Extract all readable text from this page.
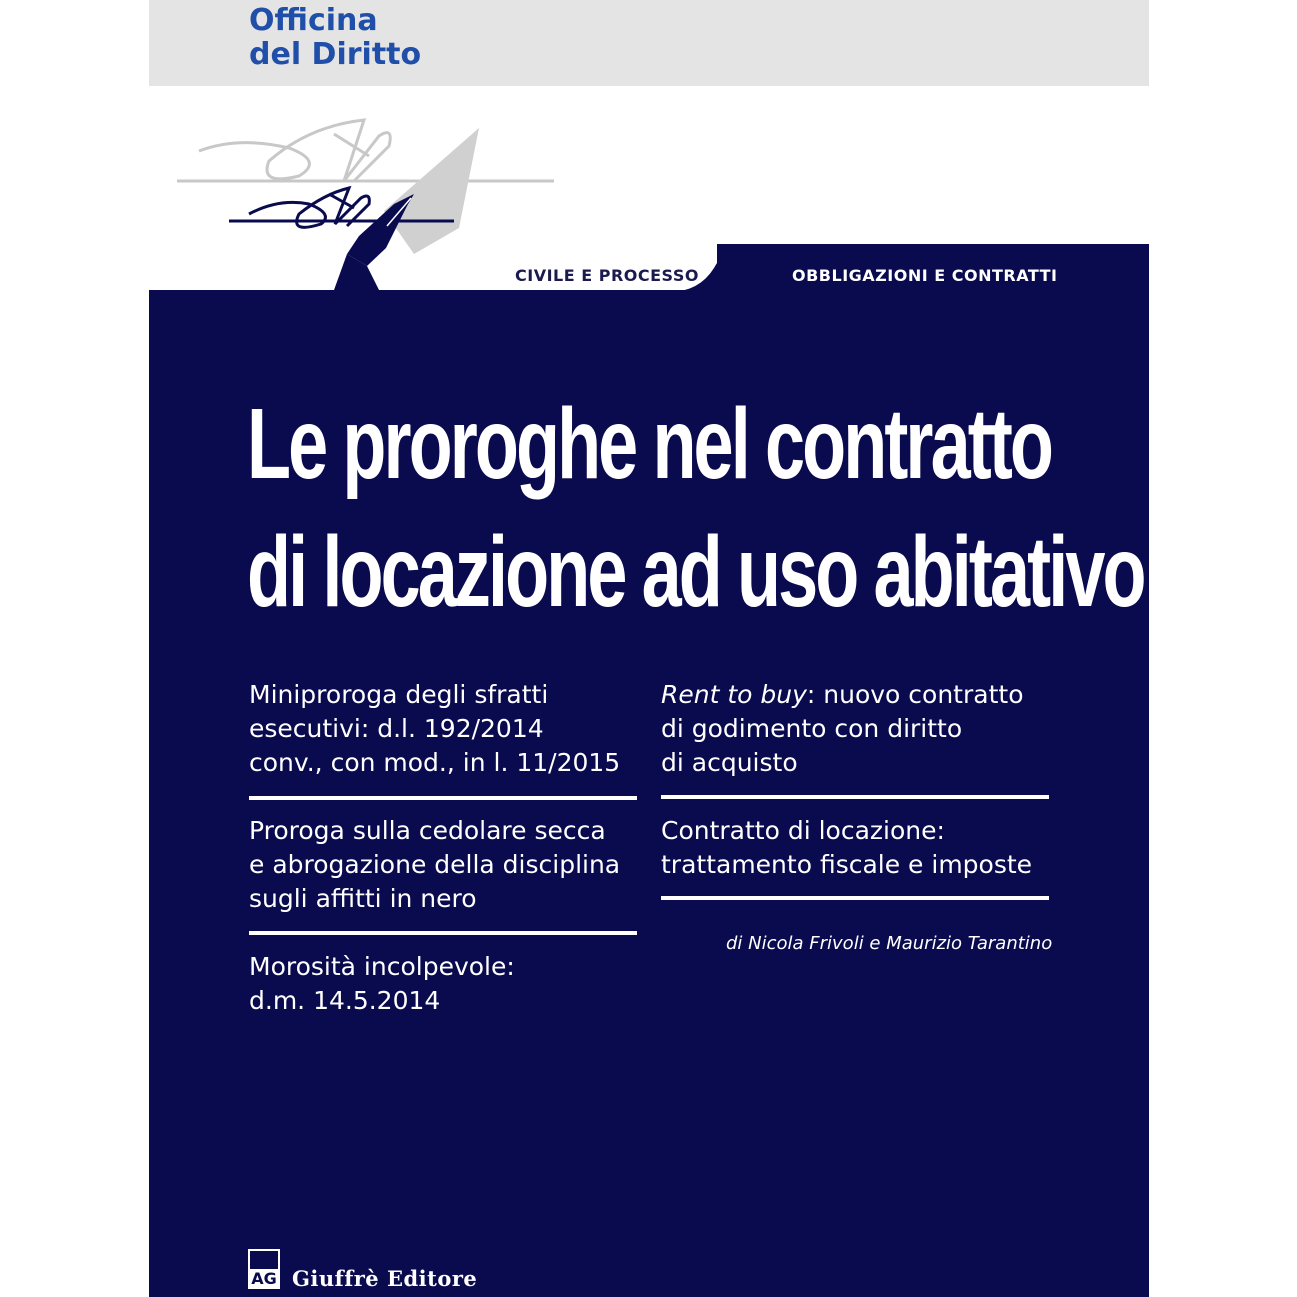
Officina
del Diritto
CIVILE E PROCESSO	OBBLIGAZIONI E CONTRATTI
Le proroghe nel contratto
di locazione ad uso abitativo
Miniproroga degli sfratti
esecutivi: d.l. 192/2014
conv., con mod., in l. 11/2015
Proroga sulla cedolare secca
e abrogazione della disciplina
sugli affitti in nero
Morosità incolpevole:
d.m. 14.5.2014
Rent to buy: nuovo contratto
di godimento con diritto
di acquisto
Contratto di locazione:
trattamento fiscale e imposte
di Nicola Frivoli e Maurizio Tarantino
AG Giuffrè Editore
